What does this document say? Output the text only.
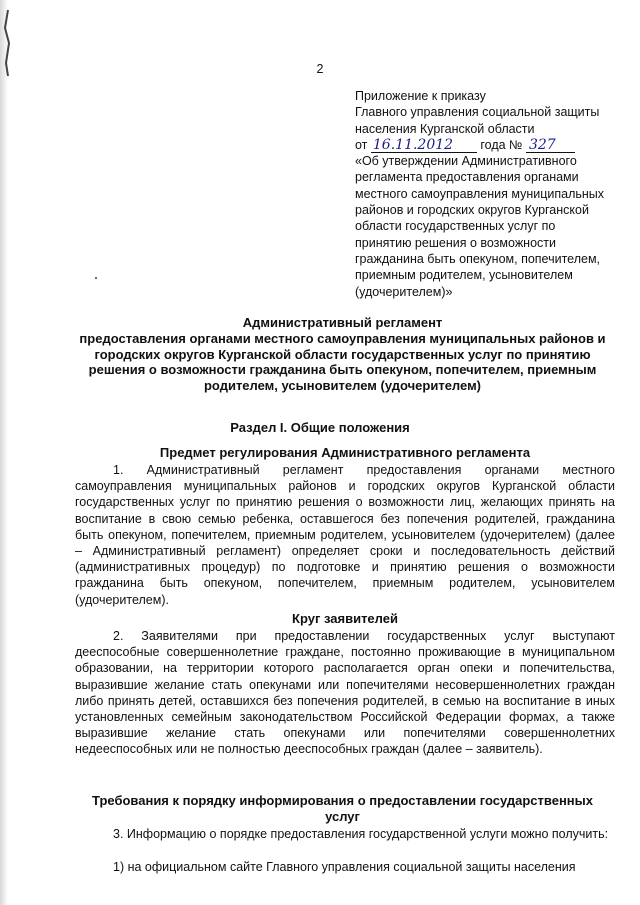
2
Приложение к приказу
Главного управления социальной защиты
населения Курганской области
от 16.11.2012 года № 327
«Об утверждении Административного
регламента предоставления органами
местного самоуправления муниципальных
районов и городских округов Курганской
области государственных услуг по
принятию решения о возможности
гражданина быть опекуном, попечителем,
приемным родителем, усыновителем
(удочерителем)»
Административный регламент
предоставления органами местного самоуправления муниципальных районов и городских округов Курганской области государственных услуг по принятию решения о возможности гражданина быть опекуном, попечителем, приемным родителем, усыновителем (удочерителем)
Раздел I. Общие положения
Предмет регулирования Административного регламента
1. Административный регламент предоставления органами местного самоуправления муниципальных районов и городских округов Курганской области государственных услуг по принятию решения о возможности лиц, желающих принять на воспитание в свою семью ребенка, оставшегося без попечения родителей, гражданина быть опекуном, попечителем, приемным родителем, усыновителем (удочерителем) (далее – Административный регламент) определяет сроки и последовательность действий (административных процедур) по подготовке и принятию решения о возможности гражданина быть опекуном, попечителем, приемным родителем, усыновителем (удочерителем).
Круг заявителей
2. Заявителями при предоставлении государственных услуг выступают дееспособные совершеннолетние граждане, постоянно проживающие в муниципальном образовании, на территории которого располагается орган опеки и попечительства, выразившие желание стать опекунами или попечителями несовершеннолетних граждан либо принять детей, оставшихся без попечения родителей, в семью на воспитание в иных установленных семейным законодательством Российской Федерации формах, а также выразившие желание стать опекунами или попечителями совершеннолетних недееспособных или не полностью дееспособных граждан (далее – заявитель).
Требования к порядку информирования о предоставлении государственных услуг
3. Информацию о порядке предоставления государственной услуги можно получить:
1) на официальном сайте Главного управления социальной защиты населения
